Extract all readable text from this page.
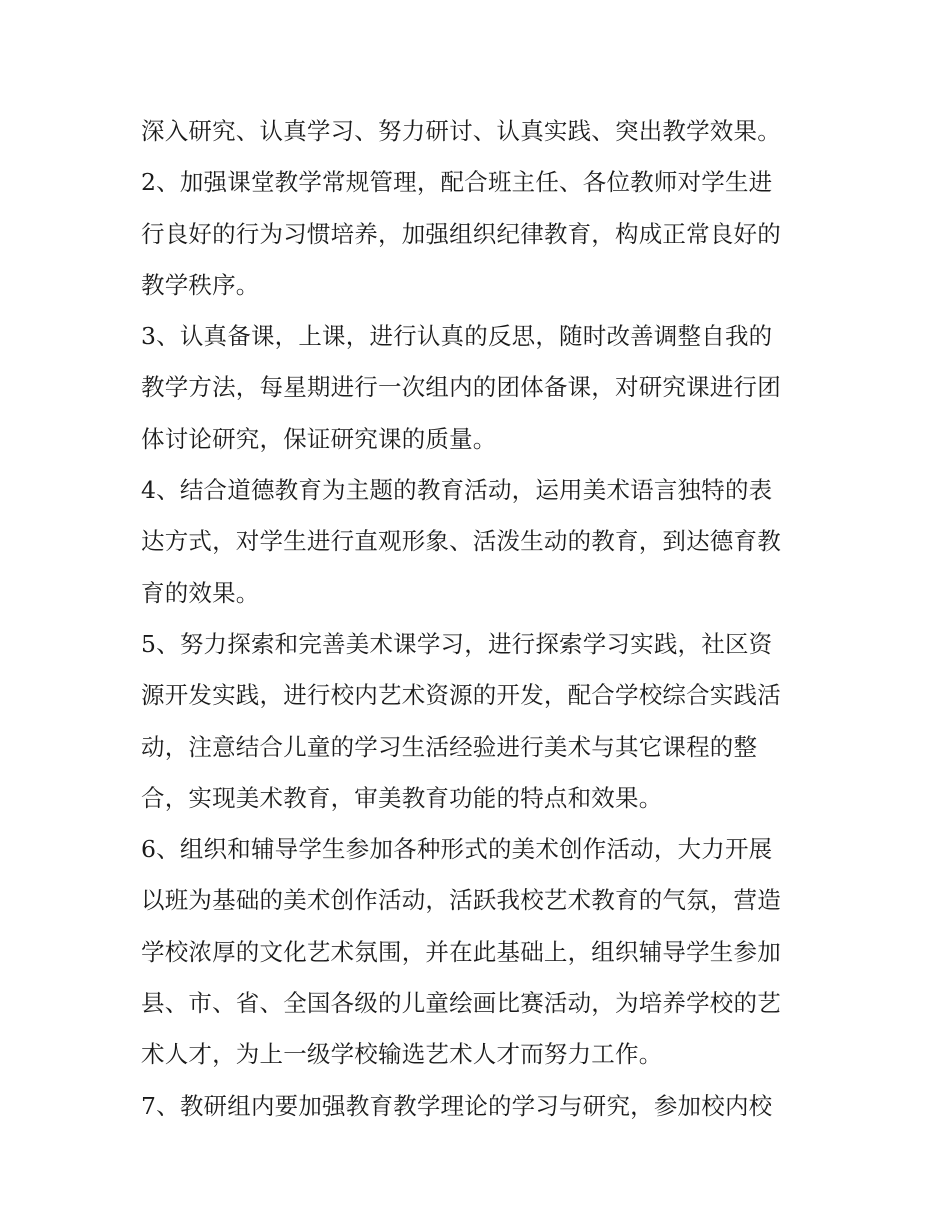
深入研究、认真学习、努力研讨、认真实践、突出教学效果。
2、加强课堂教学常规管理，配合班主任、各位教师对学生进
行良好的行为习惯培养，加强组织纪律教育，构成正常良好的
教学秩序。
3、认真备课，上课，进行认真的反思，随时改善调整自我的
教学方法，每星期进行一次组内的团体备课，对研究课进行团
体讨论研究，保证研究课的质量。
4、结合道德教育为主题的教育活动，运用美术语言独特的表
达方式，对学生进行直观形象、活泼生动的教育，到达德育教
育的效果。
5、努力探索和完善美术课学习，进行探索学习实践，社区资
源开发实践，进行校内艺术资源的开发，配合学校综合实践活
动，注意结合儿童的学习生活经验进行美术与其它课程的整
合，实现美术教育，审美教育功能的特点和效果。
6、组织和辅导学生参加各种形式的美术创作活动，大力开展
以班为基础的美术创作活动，活跃我校艺术教育的气氛，营造
学校浓厚的文化艺术氛围，并在此基础上，组织辅导学生参加
县、市、省、全国各级的儿童绘画比赛活动，为培养学校的艺
术人才，为上一级学校输选艺术人才而努力工作。
7、教研组内要加强教育教学理论的学习与研究，参加校内校
